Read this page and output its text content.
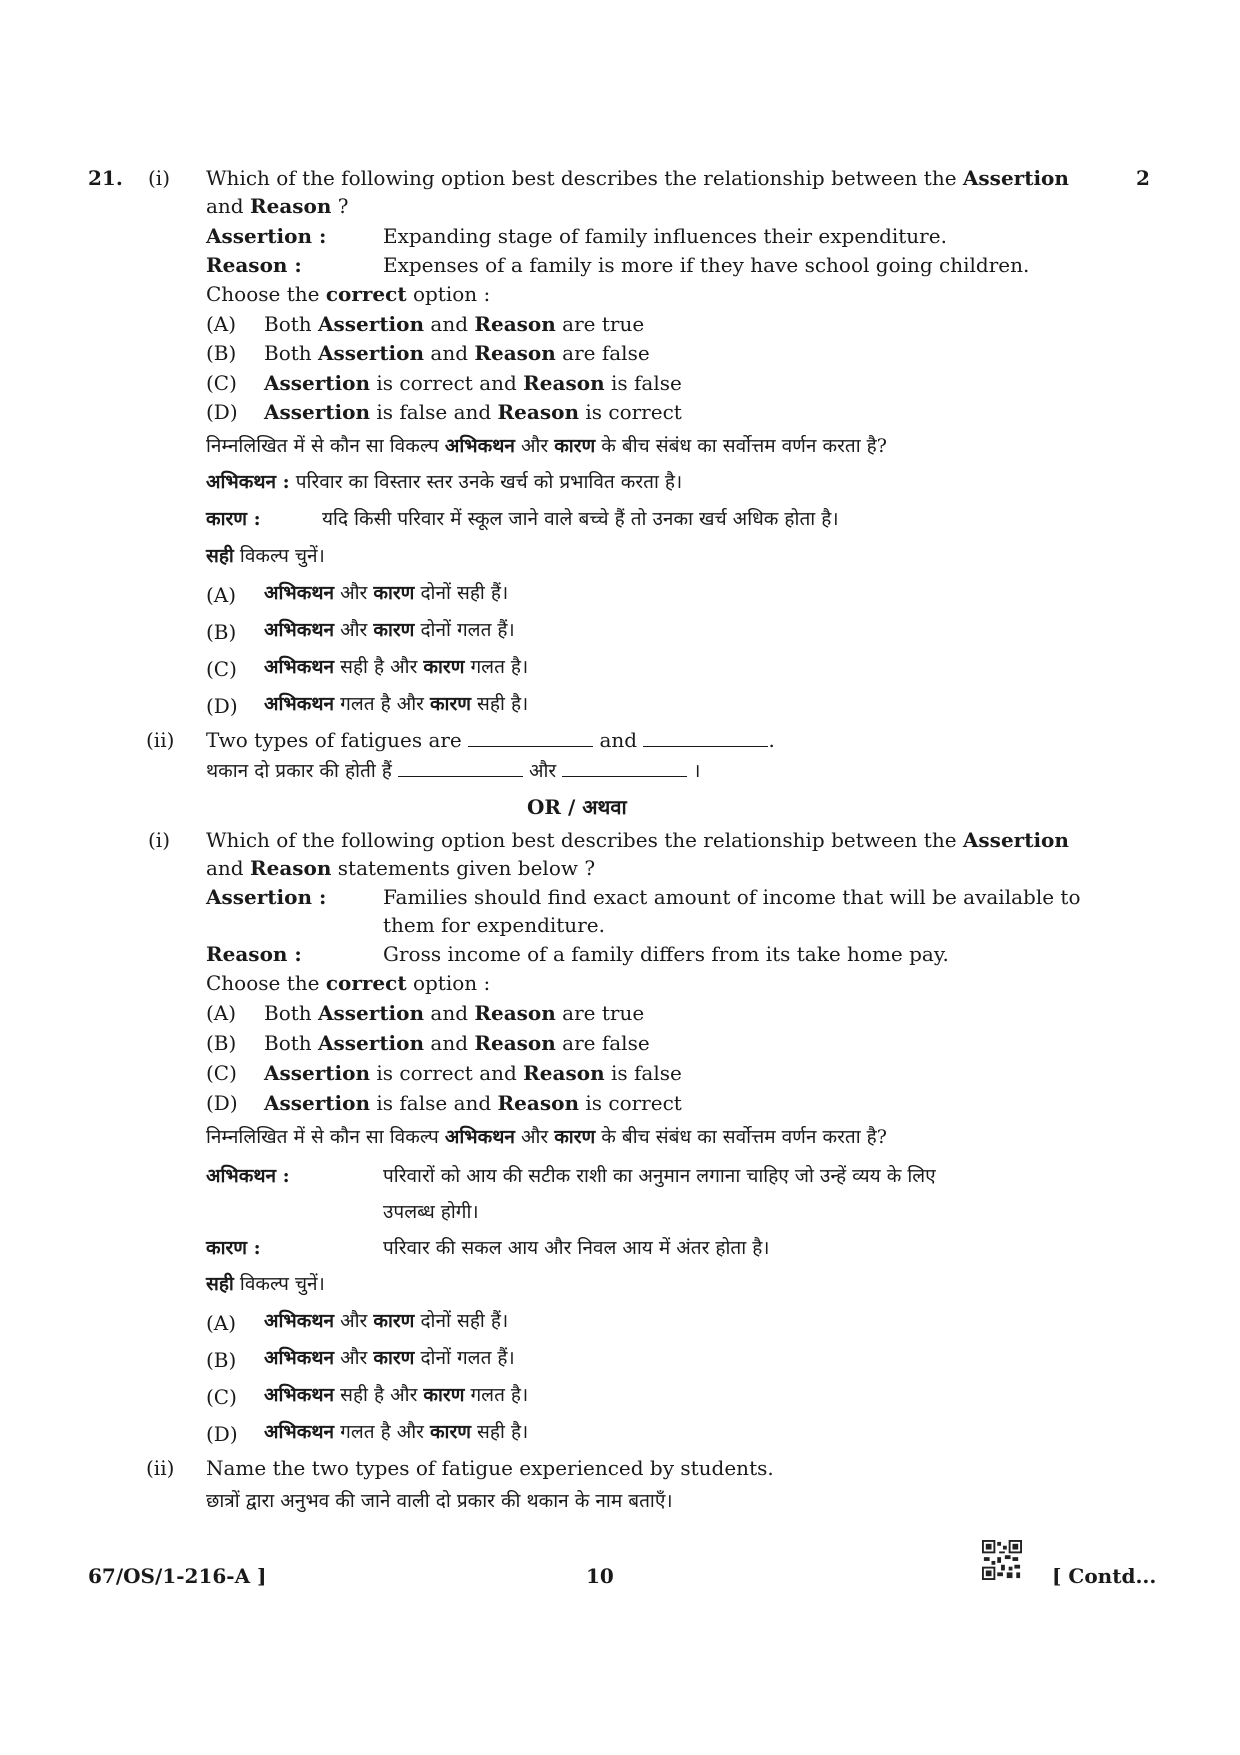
21. (i) Which of the following option best describes the relationship between the Assertion	2
and Reason ?
Assertion :	Expanding stage of family influences their expenditure.
Reason :	Expenses of a family is more if they have school going children.
Choose the correct option :
(A) Both Assertion and Reason are true
(B) Both Assertion and Reason are false
(C) Assertion is correct and Reason is false
(D) Assertion is false and Reason is correct
निम्नलिखित में से कौन सा विकल्प अभिकथन और कारण के बीच संबंध का सर्वोत्तम वर्णन करता है?
अभिकथन : परिवार का विस्तार स्तर उनके खर्च को प्रभावित करता है।
कारण :	यदि किसी परिवार में स्कूल जाने वाले बच्चे हैं तो उनका खर्च अधिक होता है।
सही विकल्प चुनें।
(A) अभिकथन और कारण दोनों सही हैं।
(B) अभिकथन और कारण दोनों गलत हैं।
(C) अभिकथन सही है और कारण गलत है।
(D) अभिकथन गलत है और कारण सही है।
(ii) Two types of fatigues are	and	.
थकान दो प्रकार की होती हैं	और	।
OR / अथवा
(i) Which of the following option best describes the relationship between the Assertion
and Reason statements given below ?
Assertion :	Families should find exact amount of income that will be available to
them for expenditure.
Reason :	Gross income of a family differs from its take home pay.
Choose the correct option :
(A) Both Assertion and Reason are true
(B) Both Assertion and Reason are false
(C) Assertion is correct and Reason is false
(D) Assertion is false and Reason is correct
निम्नलिखित में से कौन सा विकल्प अभिकथन और कारण के बीच संबंध का सर्वोत्तम वर्णन करता है?
अभिकथन :	परिवारों को आय की सटीक राशी का अनुमान लगाना चाहिए जो उन्हें व्यय के लिए
उपलब्ध होगी।
कारण :	परिवार की सकल आय और निवल आय में अंतर होता है।
सही विकल्प चुनें।
(A) अभिकथन और कारण दोनों सही हैं।
(B) अभिकथन और कारण दोनों गलत हैं।
(C) अभिकथन सही है और कारण गलत है।
(D) अभिकथन गलत है और कारण सही है।
(ii) Name the two types of fatigue experienced by students.
छात्रों द्वारा अनुभव की जाने वाली दो प्रकार की थकान के नाम बताएँ।
67/OS/1-216-A ]	10	[ Contd...
